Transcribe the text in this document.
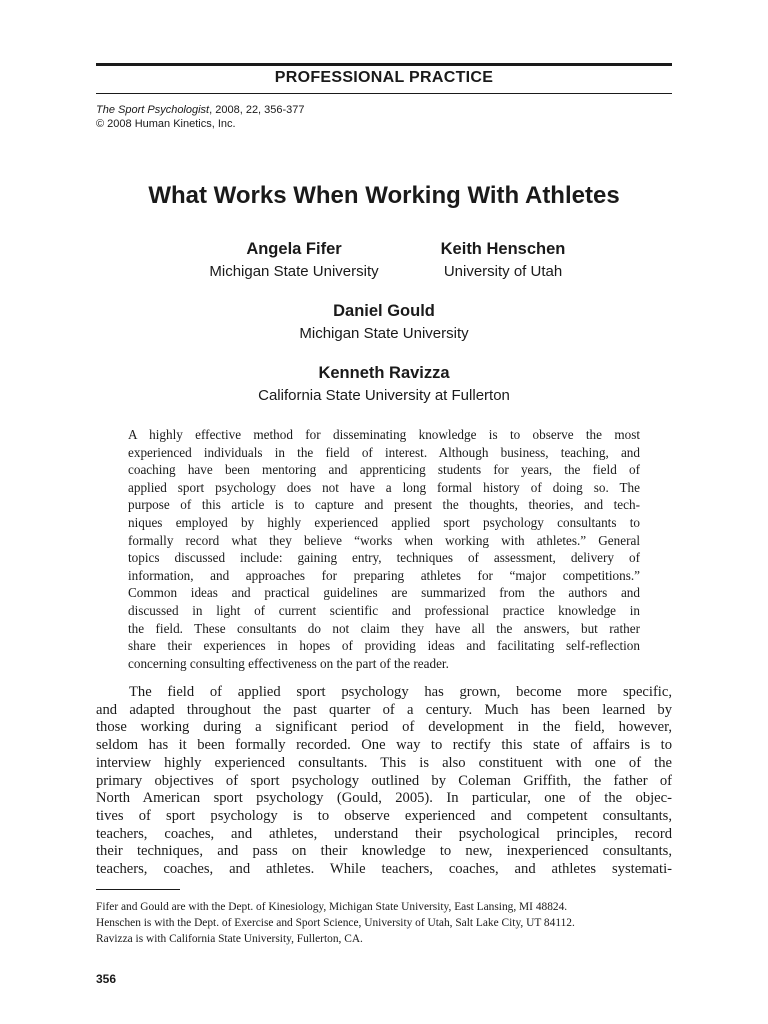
PROFESSIONAL PRACTICE
The Sport Psychologist, 2008, 22, 356-377
© 2008 Human Kinetics, Inc.
What Works When Working With Athletes
Angela Fifer
Michigan State University
Keith Henschen
University of Utah
Daniel Gould
Michigan State University
Kenneth Ravizza
California State University at Fullerton
A highly effective method for disseminating knowledge is to observe the most
experienced individuals in the field of interest. Although business, teaching, and
coaching have been mentoring and apprenticing students for years, the field of
applied sport psychology does not have a long formal history of doing so. The
purpose of this article is to capture and present the thoughts, theories, and tech-
niques employed by highly experienced applied sport psychology consultants to
formally record what they believe “works when working with athletes.” General
topics discussed include: gaining entry, techniques of assessment, delivery of
information, and approaches for preparing athletes for “major competitions.”
Common ideas and practical guidelines are summarized from the authors and
discussed in light of current scientific and professional practice knowledge in
the field. These consultants do not claim they have all the answers, but rather
share their experiences in hopes of providing ideas and facilitating self-reflection
concerning consulting effectiveness on the part of the reader.
The field of applied sport psychology has grown, become more specific,
and adapted throughout the past quarter of a century. Much has been learned by
those working during a significant period of development in the field, however,
seldom has it been formally recorded. One way to rectify this state of affairs is to
interview highly experienced consultants. This is also constituent with one of the
primary objectives of sport psychology outlined by Coleman Griffith, the father of
North American sport psychology (Gould, 2005). In particular, one of the objec-
tives of sport psychology is to observe experienced and competent consultants,
teachers, coaches, and athletes, understand their psychological principles, record
their techniques, and pass on their knowledge to new, inexperienced consultants,
teachers, coaches, and athletes. While teachers, coaches, and athletes systemati-
Fifer and Gould are with the Dept. of Kinesiology, Michigan State University, East Lansing, MI 48824.
Henschen is with the Dept. of Exercise and Sport Science, University of Utah, Salt Lake City, UT 84112.
Ravizza is with California State University, Fullerton, CA.
356
